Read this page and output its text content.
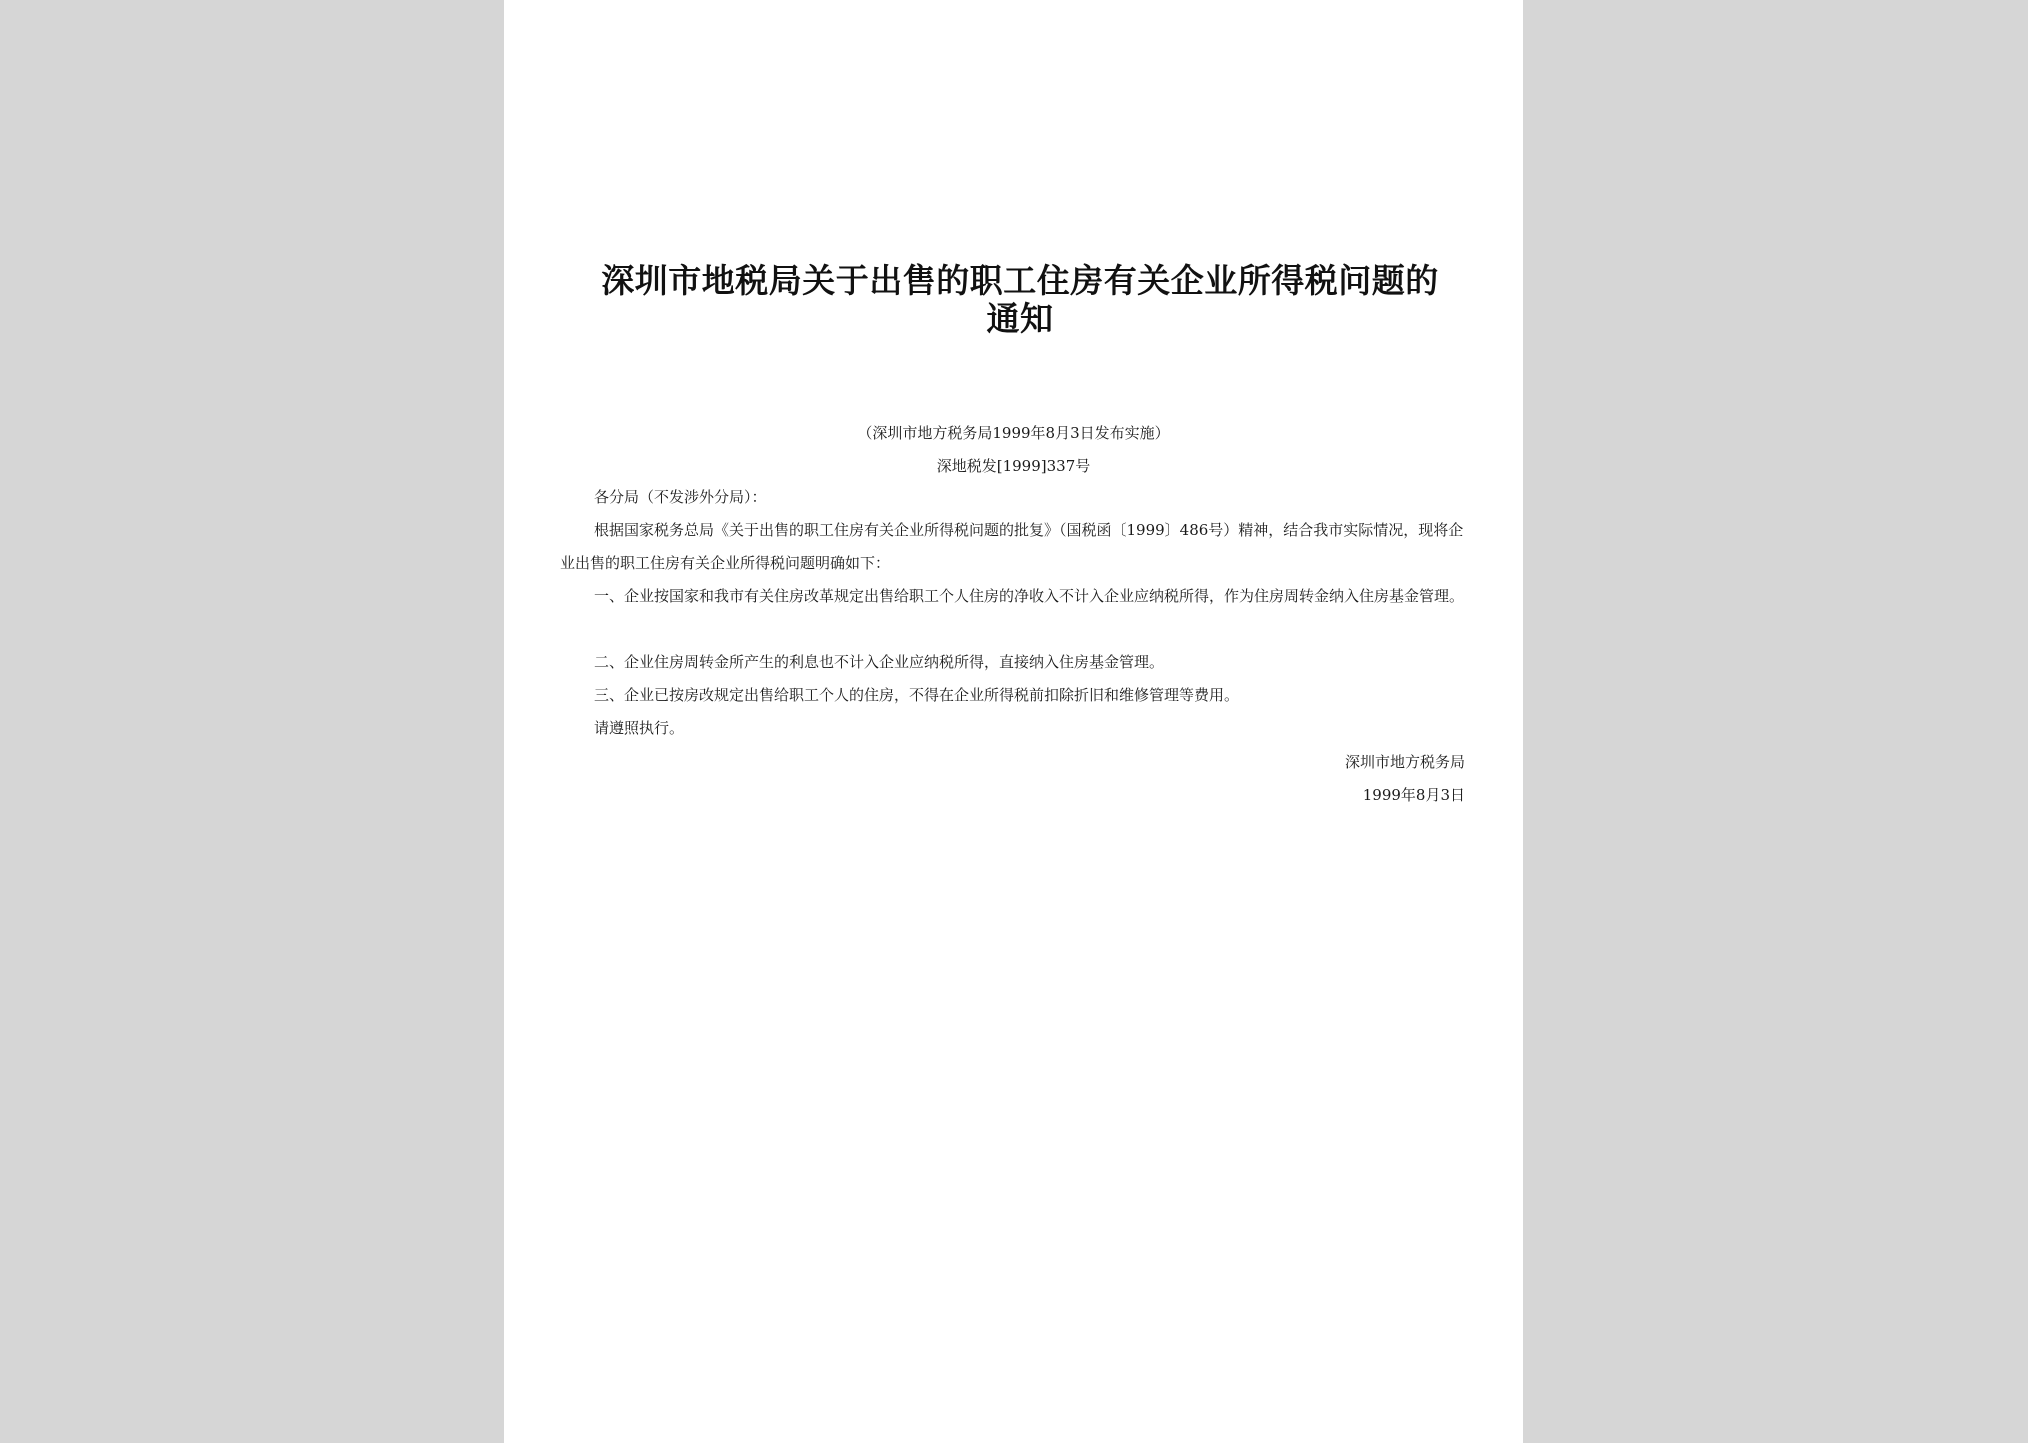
深圳市地税局关于出售的职工住房有关企业所得税问题的通知
（深圳市地方税务局1999年8月3日发布实施）
深地税发[1999]337号
各分局（不发涉外分局）：
根据国家税务总局《关于出售的职工住房有关企业所得税问题的批复》（国税函〔1999〕486号）精神，结合我市实际情况，现将企业出售的职工住房有关企业所得税问题明确如下：
一、企业按国家和我市有关住房改革规定出售给职工个人住房的净收入不计入企业应纳税所得，作为住房周转金纳入住房基金管理。
二、企业住房周转金所产生的利息也不计入企业应纳税所得，直接纳入住房基金管理。
三、企业已按房改规定出售给职工个人的住房，不得在企业所得税前扣除折旧和维修管理等费用。
请遵照执行。
深圳市地方税务局
1999年8月3日
